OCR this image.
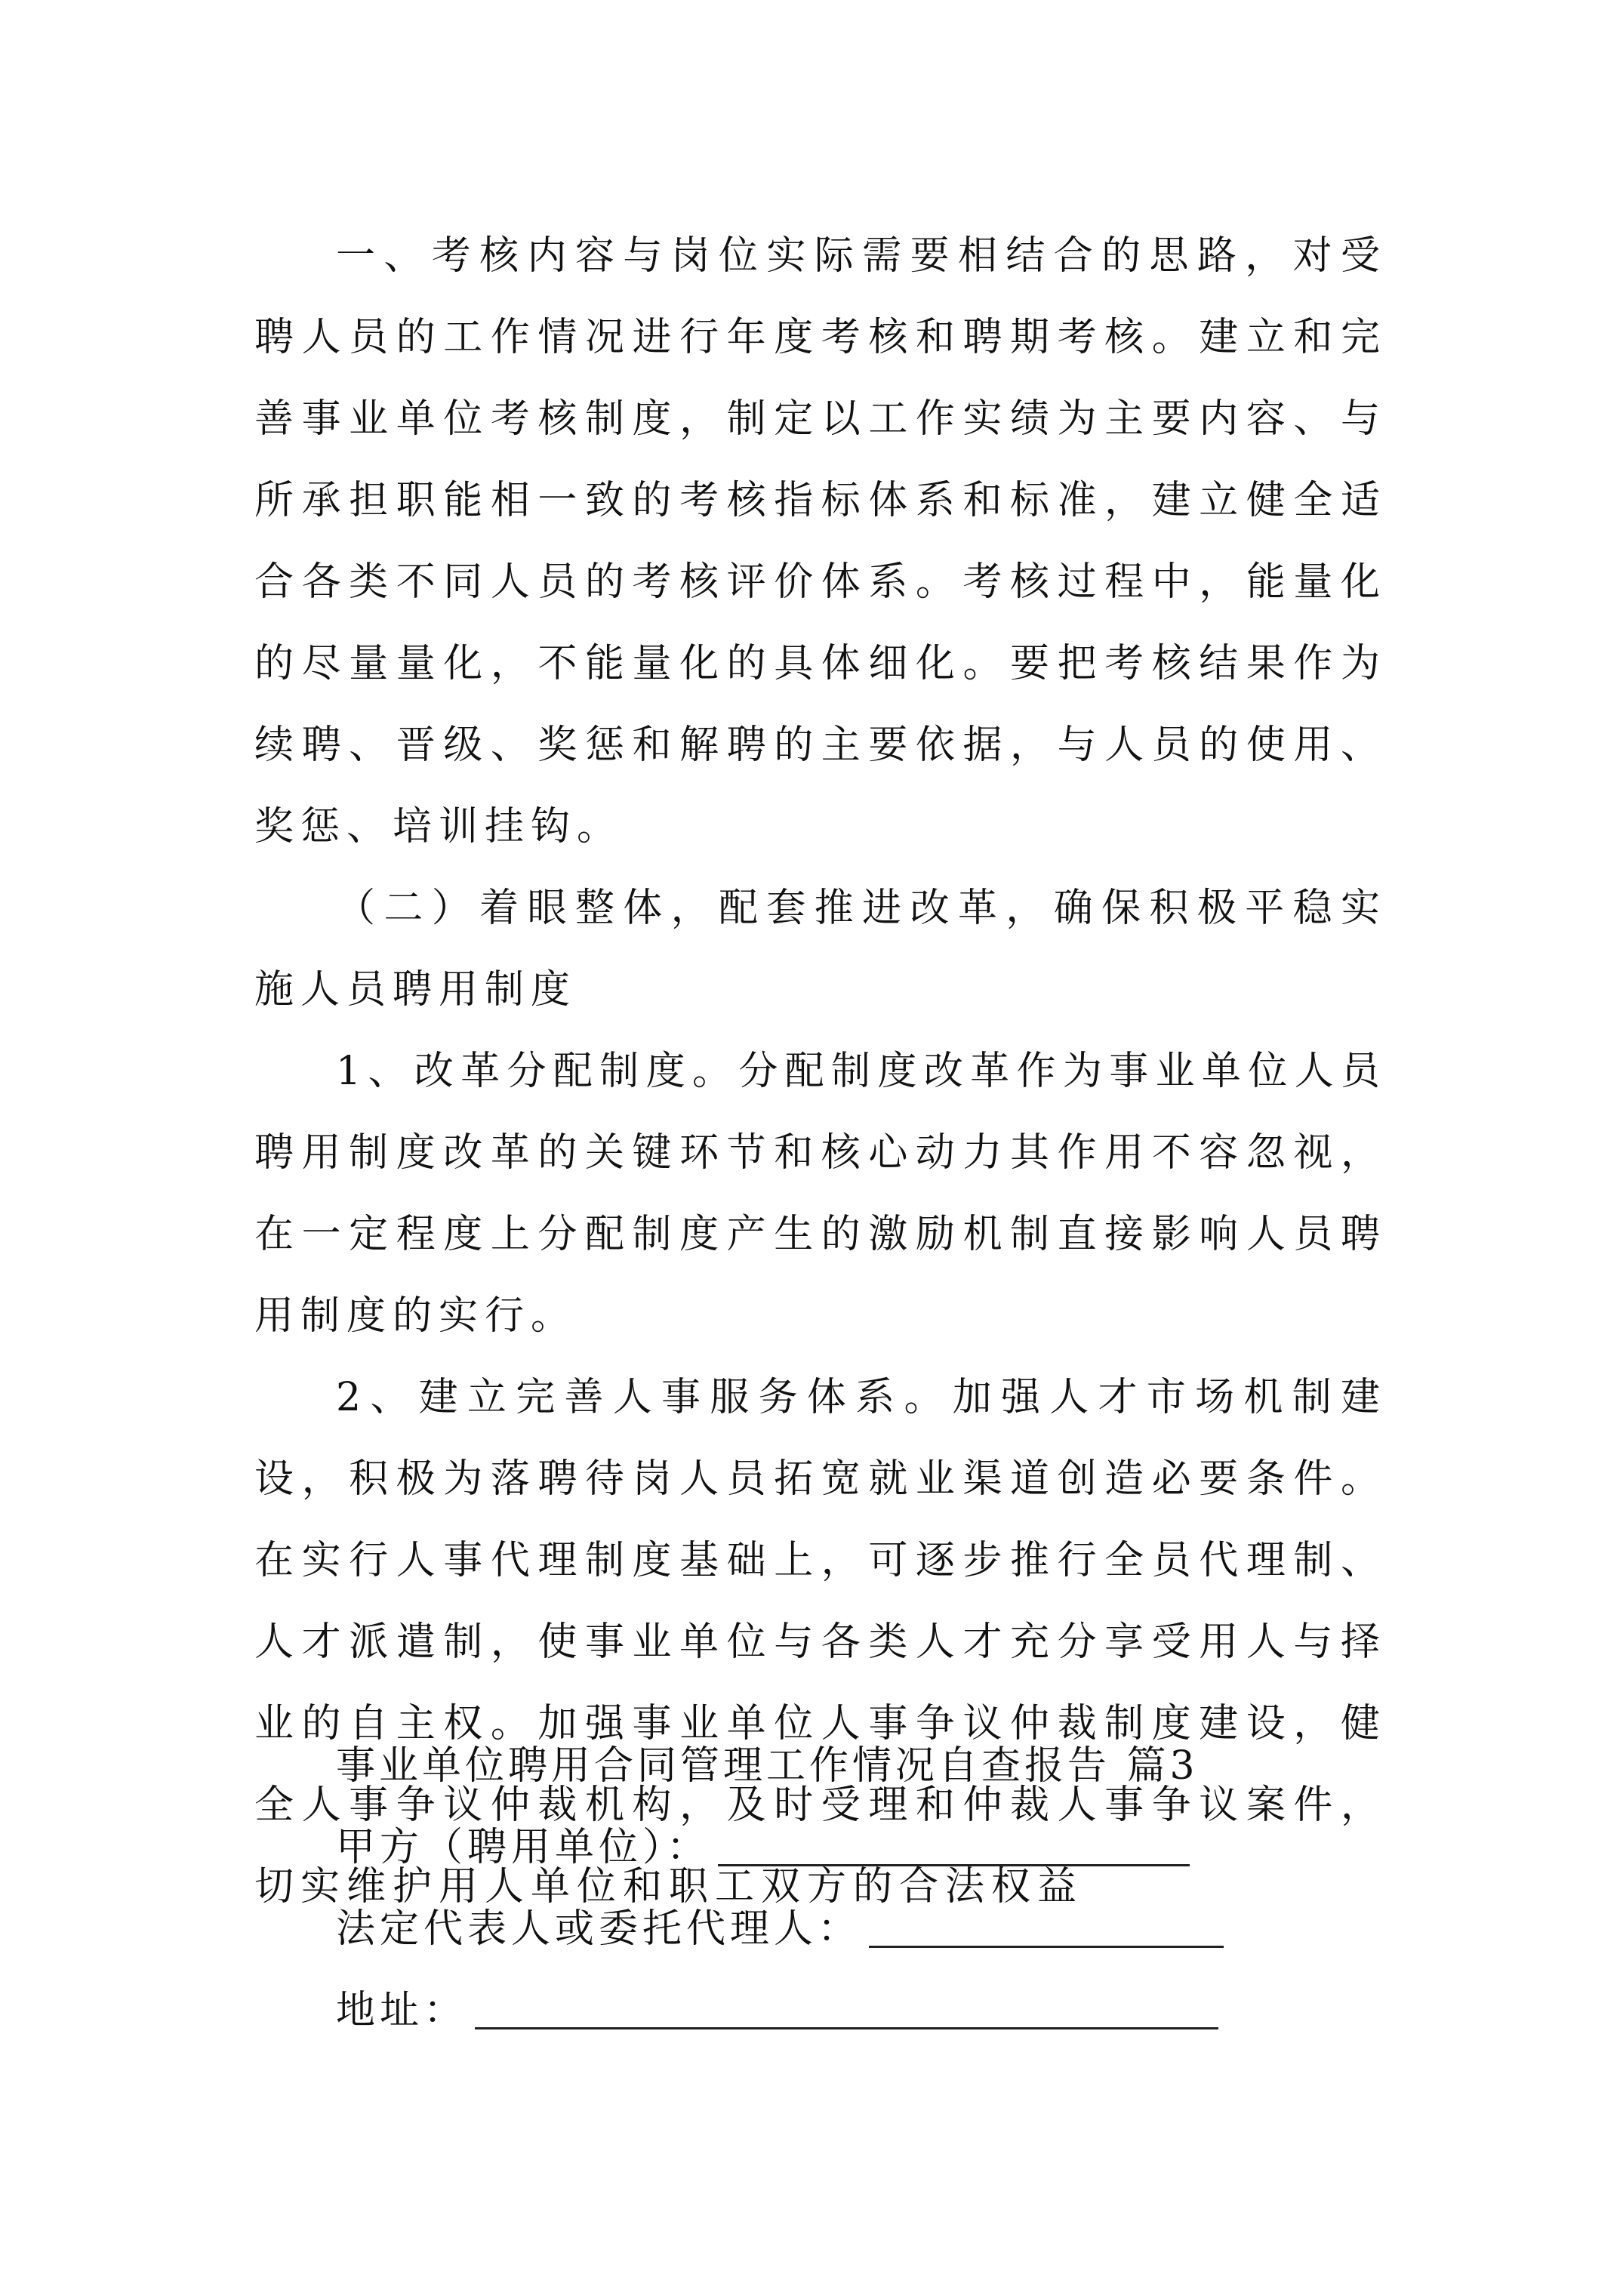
一、考核内容与岗位实际需要相结合的思路，对受聘人员的工作情况进行年度考核和聘期考核。建立和完善事业单位考核制度，制定以工作实绩为主要内容、与所承担职能相一致的考核指标体系和标准，建立健全适合各类不同人员的考核评价体系。考核过程中，能量化的尽量量化，不能量化的具体细化。要把考核结果作为续聘、晋级、奖惩和解聘的主要依据，与人员的使用、奖惩、培训挂钩。

（二）着眼整体，配套推进改革，确保积极平稳实施人员聘用制度

1、改革分配制度。分配制度改革作为事业单位人员聘用制度改革的关键环节和核心动力其作用不容忽视，在一定程度上分配制度产生的激励机制直接影响人员聘用制度的实行。

2、建立完善人事服务体系。加强人才市场机制建设，积极为落聘待岗人员拓宽就业渠道创造必要条件。在实行人事代理制度基础上，可逐步推行全员代理制、人才派遣制，使事业单位与各类人才充分享受用人与择业的自主权。加强事业单位人事争议仲裁制度建设，健全人事争议仲裁机构，及时受理和仲裁人事争议案件，切实维护用人单位和职工双方的合法权益

事业单位聘用合同管理工作情况自查报告 篇3

甲方（聘用单位）：
法定代表人或委托代理人：
地址：
